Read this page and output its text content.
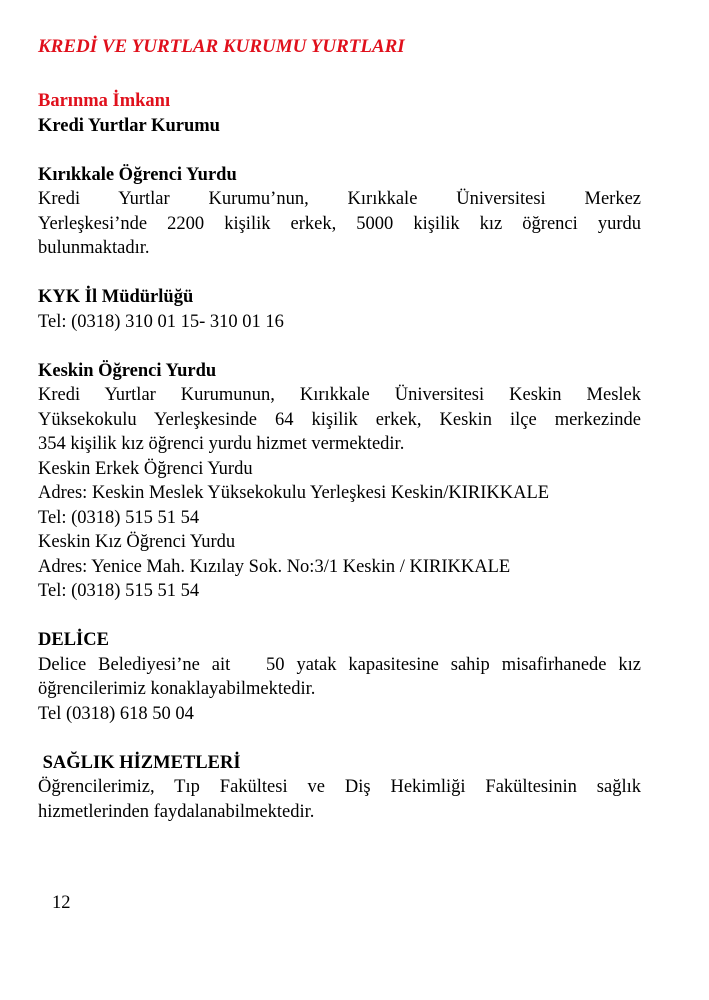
KREDİ VE YURTLAR KURUMU YURTLARI

Barınma İmkanı

Kredi Yurtlar Kurumu

Kırıkkale Öğrenci Yurdu

Kredi Yurtlar Kurumu’nun, Kırıkkale Üniversitesi Merkez

Yerleşkesi’nde 2200 kişilik erkek, 5000 kişilik kız öğrenci yurdu

bulunmaktadır.

KYK İl Müdürlüğü

Tel: (0318) 310 01 15- 310 01 16

Keskin Öğrenci Yurdu

Kredi Yurtlar Kurumunun, Kırıkkale Üniversitesi Keskin Meslek

Yüksekokulu Yerleşkesinde 64 kişilik erkek, Keskin ilçe merkezinde

354 kişilik kız öğrenci yurdu hizmet vermektedir.

Keskin Erkek Öğrenci Yurdu

Adres: Keskin Meslek Yüksekokulu Yerleşkesi Keskin/KIRIKKALE

Tel: (0318) 515 51 54

Keskin Kız Öğrenci Yurdu

Adres: Yenice Mah. Kızılay Sok. No:3/1 Keskin / KIRIKKALE

Tel: (0318) 515 51 54

DELİCE

Delice Belediyesi’ne ait   50 yatak kapasitesine sahip misafirhanede kız

öğrencilerimiz konaklayabilmektedir.

Tel (0318) 618 50 04

SAĞLIK HİZMETLERİ

Öğrencilerimiz, Tıp Fakültesi ve Diş Hekimliği Fakültesinin sağlık

hizmetlerinden faydalanabilmektedir.

12
